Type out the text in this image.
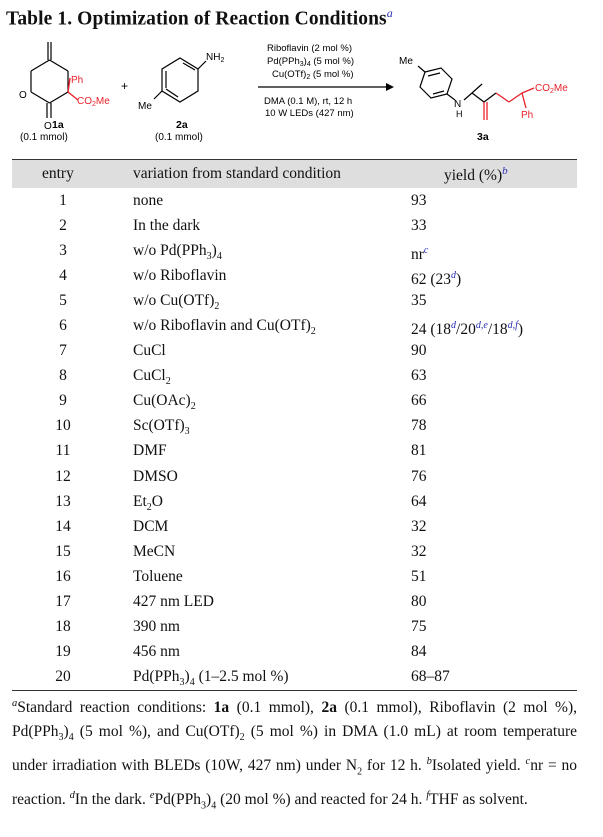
Table 1. Optimization of Reaction Conditions$^a$
Ph
$CO_2Me$
O
O 1a
(0.1 mmol)
+
$NH_2$
Me
2a
(0.1 mmol)
Riboflavin (2 mol %)
$Pd(PPh_3)_4$ (5 mol %)
$Cu(OTf)_2$ (5 mol %)
DMA (0.1 M), rt, 12 h
10 W LEDs (427 nm)
Me
N
H
$CO_2Me$
Ph
3a
entry	variation from standard condition	yield (%)$^b$
1	none	93
2	In the dark	33
3	w/o $Pd(PPh_3)_4$	$nr^c$
4	w/o Riboflavin	62 (23$^d$)
5	w/o $Cu(OTf)_2$	35
6	w/o Riboflavin and $Cu(OTf)_2$	24 (18$^d$/20$^{d,e}$/18$^{d,f}$)
7	CuCl	90
8	CuCl$_2$	63
9	$Cu(OAc)_2$	66
10	$Sc(OTf)_3$	78
11	DMF	81
12	DMSO	76
13	$Et_2O$	64
14	DCM	32
15	MeCN	32
16	Toluene	51
17	427 nm LED	80
18	390 nm	75
19	456 nm	84
20	$Pd(PPh_3)_4$ (1–2.5 mol %)	68–87
$^a$Standard reaction conditions: 1a (0.1 mmol), 2a (0.1 mmol), Riboflavin (2 mol %), $Pd(PPh_3)_4$ (5 mol %), and $Cu(OTf)_2$ (5 mol %) in DMA (1.0 mL) at room temperature under irradiation with BLEDs (10W, 427 nm) under $N_2$ for 12 h. $^b$Isolated yield. $^c$nr = no reaction. $^d$In the dark. $^ePd(PPh_3)_4$ (20 mol %) and reacted for 24 h. $^f$THF as solvent.
